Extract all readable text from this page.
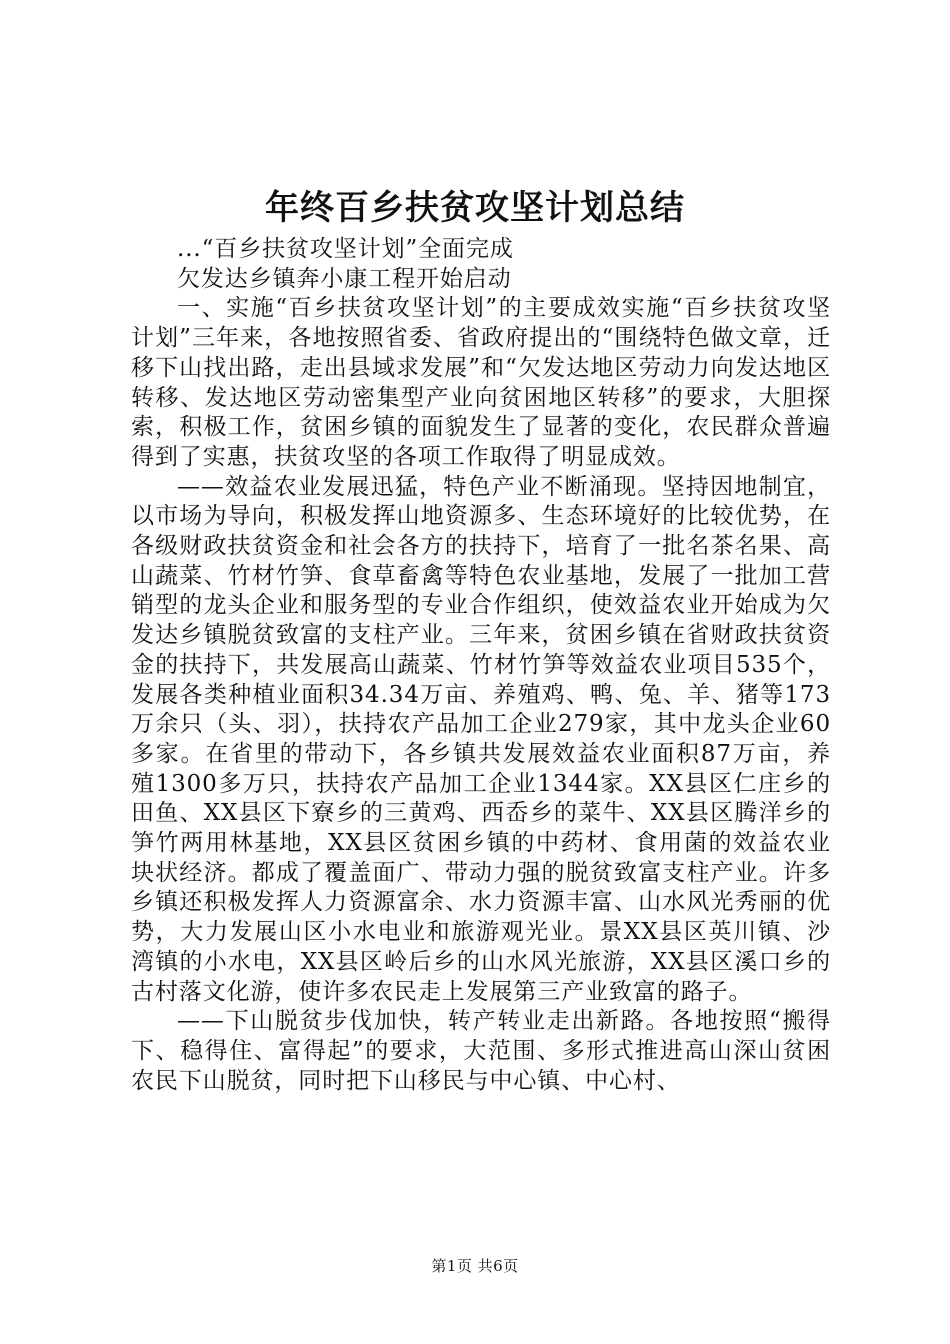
年终百乡扶贫攻坚计划总结

...“百乡扶贫攻坚计划”全面完成

欠发达乡镇奔小康工程开始启动

一、实施“百乡扶贫攻坚计划”的主要成效实施“百乡扶贫攻坚计划”三年来，各地按照省委、省政府提出的“围绕特色做文章，迁移下山找出路，走出县域求发展”和“欠发达地区劳动力向发达地区转移、发达地区劳动密集型产业向贫困地区转移”的要求，大胆探索，积极工作，贫困乡镇的面貌发生了显著的变化，农民群众普遍得到了实惠，扶贫攻坚的各项工作取得了明显成效。

——效益农业发展迅猛，特色产业不断涌现。坚持因地制宜，以市场为导向，积极发挥山地资源多、生态环境好的比较优势，在各级财政扶贫资金和社会各方的扶持下，培育了一批名茶名果、高山蔬菜、竹材竹笋、食草畜禽等特色农业基地，发展了一批加工营销型的龙头企业和服务型的专业合作组织，使效益农业开始成为欠发达乡镇脱贫致富的支柱产业。三年来，贫困乡镇在省财政扶贫资金的扶持下，共发展高山蔬菜、竹材竹笋等效益农业项目535个，发展各类种植业面积34.34万亩、养殖鸡、鸭、兔、羊、猪等173万余只（头、羽），扶持农产品加工企业279家，其中龙头企业60多家。在省里的带动下，各乡镇共发展效益农业面积87万亩，养殖1300多万只，扶持农产品加工企业1344家。XX县区仁庄乡的田鱼、XX县区下寮乡的三黄鸡、西岙乡的菜牛、XX县区腾洋乡的笋竹两用林基地，XX县区贫困乡镇的中药材、食用菌的效益农业块状经济。都成了覆盖面广、带动力强的脱贫致富支柱产业。许多乡镇还积极发挥人力资源富余、水力资源丰富、山水风光秀丽的优势，大力发展山区小水电业和旅游观光业。景XX县区英川镇、沙湾镇的小水电，XX县区岭后乡的山水风光旅游，XX县区溪口乡的古村落文化游，使许多农民走上发展第三产业致富的路子。

——下山脱贫步伐加快，转产转业走出新路。各地按照“搬得下、稳得住、富得起”的要求，大范围、多形式推进高山深山贫困农民下山脱贫，同时把下山移民与中心镇、中心村、

第1页 共6页
